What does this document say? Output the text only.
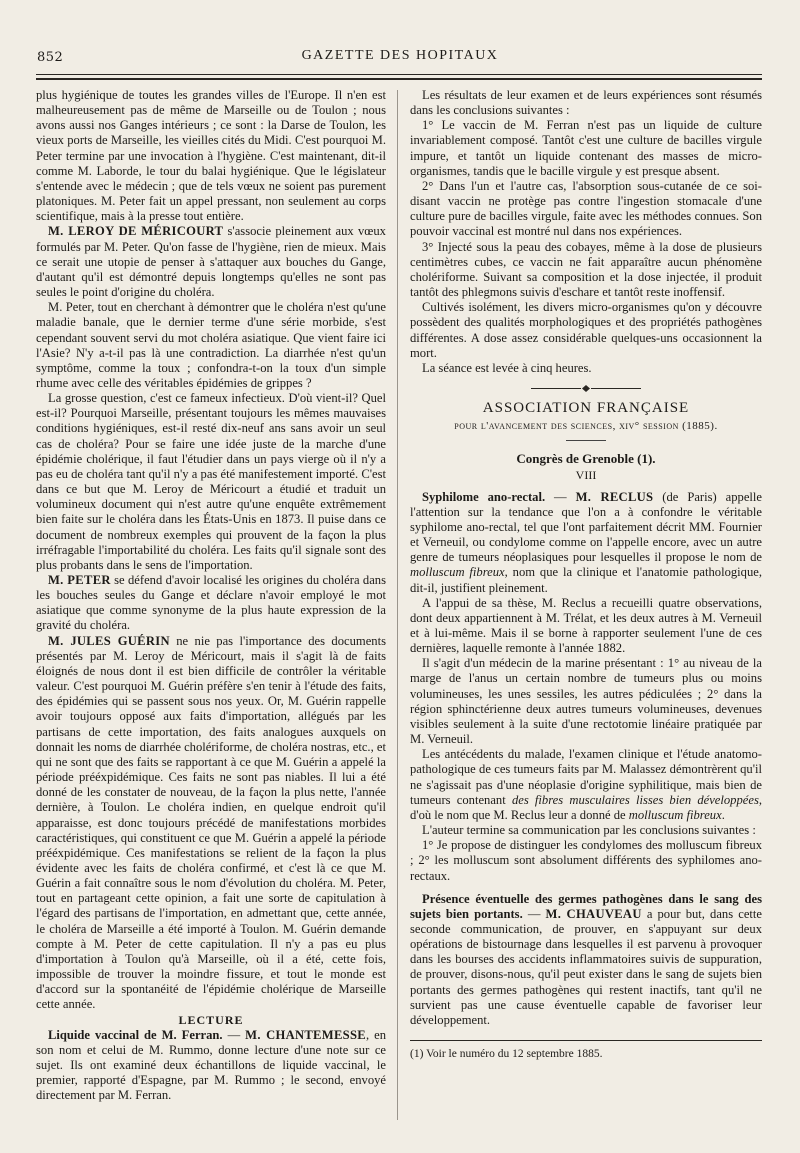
852	GAZETTE DES HOPITAUX

plus hygiénique de toutes les grandes villes de l'Europe. Il n'en est malheureusement pas de même de Marseille ou de Toulon ; nous avons aussi nos Ganges intérieurs ; ce sont : la Darse de Toulon, les vieux ports de Marseille, les vieilles cités du Midi. C'est pourquoi M. Peter termine par une invocation à l'hygiène. C'est maintenant, dit-il comme M. Laborde, le tour du balai hygiénique. Que le législateur s'entende avec le médecin ; que de tels vœux ne soient pas purement platoniques. M. Peter fait un appel pressant, non seulement au corps scientifique, mais à la presse tout entière.

M. LEROY DE MÉRICOURT s'associe pleinement aux vœux formulés par M. Peter. Qu'on fasse de l'hygiène, rien de mieux. Mais ce serait une utopie de penser à s'attaquer aux bouches du Gange, d'autant qu'il est démontré depuis longtemps qu'elles ne sont pas seules le point d'origine du choléra.

M. Peter, tout en cherchant à démontrer que le choléra n'est qu'une maladie banale, que le dernier terme d'une série morbide, s'est cependant souvent servi du mot choléra asiatique. Que vient faire ici l'Asie? N'y a-t-il pas là une contradiction. La diarrhée n'est qu'un symptôme, comme la toux ; confondra-t-on la toux d'un simple rhume avec celle des véritables épidémies de grippes ?

La grosse question, c'est ce fameux infectieux. D'où vient-il? Quel est-il? Pourquoi Marseille, présentant toujours les mêmes mauvaises conditions hygiéniques, est-il resté dix-neuf ans sans avoir un seul cas de choléra? Pour se faire une idée juste de la marche d'une épidémie cholérique, il faut l'étudier dans un pays vierge où il n'y a pas eu de choléra tant qu'il n'y a pas été manifestement importé. C'est dans ce but que M. Leroy de Méricourt a étudié et traduit un volumineux document qui n'est autre qu'une enquête extrêmement bien faite sur le choléra dans les États-Unis en 1873. Il puise dans ce document de nombreux exemples qui prouvent de la façon la plus irréfragable l'importabilité du choléra. Les faits qu'il signale sont des plus probants dans le sens de l'importation.

M. PETER se défend d'avoir localisé les origines du choléra dans les bouches seules du Gange et déclare n'avoir employé le mot asiatique que comme synonyme de la plus haute expression de la gravité du choléra.

M. JULES GUÉRIN ne nie pas l'importance des documents présentés par M. Leroy de Méricourt, mais il s'agit là de faits éloignés de nous dont il est bien difficile de contrôler la véritable valeur. C'est pourquoi M. Guérin préfère s'en tenir à l'étude des faits, des épidémies qui se passent sous nos yeux. Or, M. Guérin rappelle avoir toujours opposé aux faits d'importation, allégués par les partisans de cette importation, des faits analogues auxquels on donnait les noms de diarrhée cholériforme, de choléra nostras, etc., et qui ne sont que des faits se rapportant à ce que M. Guérin a appelé la période prééxpidémique. Ces faits ne sont pas niables. Il lui a été donné de les constater de nouveau, de la façon la plus nette, l'année dernière, à Toulon. Le choléra indien, en quelque endroit qu'il apparaisse, est donc toujours précédé de manifestations morbides caractéristiques, qui constituent ce que M. Guérin a appelé la période prééxpidémique. Ces manifestations se relient de la façon la plus évidente avec les faits de choléra confirmé, et c'est là ce que M. Guérin a fait connaître sous le nom d'évolution du choléra. M. Peter, tout en partageant cette opinion, a fait une sorte de capitulation à l'égard des partisans de l'importation, en admettant que, cette année, le choléra de Marseille a été importé à Toulon. M. Guérin demande compte à M. Peter de cette capitulation. Il n'y a pas eu plus d'importation à Toulon qu'à Marseille, où il a été, cette fois, impossible de trouver la moindre fissure, et tout le monde est d'accord sur la spontanéité de l'épidémie cholérique de Marseille cette année.

LECTURE

Liquide vaccinal de M. Ferran. — M. CHANTEMESSE, en son nom et celui de M. Rummo, donne lecture d'une note sur ce sujet. Ils ont examiné deux échantillons de liquide vaccinal, le premier, rapporté d'Espagne, par M. Rummo ; le second, envoyé directement par M. Ferran.

Les résultats de leur examen et de leurs expériences sont résumés dans les conclusions suivantes :

1° Le vaccin de M. Ferran n'est pas un liquide de culture invariablement composé. Tantôt c'est une culture de bacilles virgule impure, et tantôt un liquide contenant des masses de micro-organismes, tandis que le bacille virgule y est presque absent.

2° Dans l'un et l'autre cas, l'absorption sous-cutanée de ce soi-disant vaccin ne protège pas contre l'ingestion stomacale d'une culture pure de bacilles virgule, faite avec les méthodes connues. Son pouvoir vaccinal est montré nul dans nos expériences.

3° Injecté sous la peau des cobayes, même à la dose de plusieurs centimètres cubes, ce vaccin ne fait apparaître aucun phénomène cholériforme. Suivant sa composition et la dose injectée, il produit tantôt des phlegmons suivis d'eschare et tantôt reste inoffensif.

Cultivés isolément, les divers micro-organismes qu'on y découvre possèdent des qualités morphologiques et des propriétés pathogènes différentes. A dose assez considérable quelques-uns occasionnent la mort.

La séance est levée à cinq heures.

ASSOCIATION FRANÇAISE
pour l'avancement des sciences, xiv° session (1885).
Congrès de Grenoble (1).
VIII

Syphilome ano-rectal. — M. RECLUS (de Paris) appelle l'attention sur la tendance que l'on a à confondre le véritable syphilome ano-rectal, tel que l'ont parfaitement décrit MM. Fournier et Verneuil, ou condylome comme on l'appelle encore, avec un autre genre de tumeurs néoplasiques pour lesquelles il propose le nom de molluscum fibreux, nom que la clinique et l'anatomie pathologique, dit-il, justifient pleinement.

A l'appui de sa thèse, M. Reclus a recueilli quatre observations, dont deux appartiennent à M. Trélat, et les deux autres à M. Verneuil et à lui-même. Mais il se borne à rapporter seulement l'une de ces dernières, laquelle remonte à l'année 1882.

Il s'agit d'un médecin de la marine présentant : 1° au niveau de la marge de l'anus un certain nombre de tumeurs plus ou moins volumineuses, les unes sessiles, les autres pédiculées ; 2° dans la région sphinctérienne deux autres tumeurs volumineuses, devenues visibles seulement à la suite d'une rectotomie linéaire pratiquée par M. Verneuil.

Les antécédents du malade, l'examen clinique et l'étude anatomo-pathologique de ces tumeurs faits par M. Malassez démontrèrent qu'il ne s'agissait pas d'une néoplasie d'origine syphilitique, mais bien de tumeurs contenant des fibres musculaires lisses bien développées, d'où le nom que M. Reclus leur a donné de molluscum fibreux.

L'auteur termine sa communication par les conclusions suivantes :

1° Je propose de distinguer les condylomes des molluscum fibreux ; 2° les molluscum sont absolument différents des syphilomes ano-rectaux.

Présence éventuelle des germes pathogènes dans le sang des sujets bien portants. — M. CHAUVEAU a pour but, dans cette seconde communication, de prouver, en s'appuyant sur deux opérations de bistournage dans lesquelles il est parvenu à provoquer dans les bourses des accidents inflammatoires suivis de suppuration, de prouver, disons-nous, qu'il peut exister dans le sang de sujets bien portants des germes pathogènes qui restent inactifs, tant qu'il ne survient pas une cause éventuelle capable de favoriser leur développement.

(1) Voir le numéro du 12 septembre 1885.
